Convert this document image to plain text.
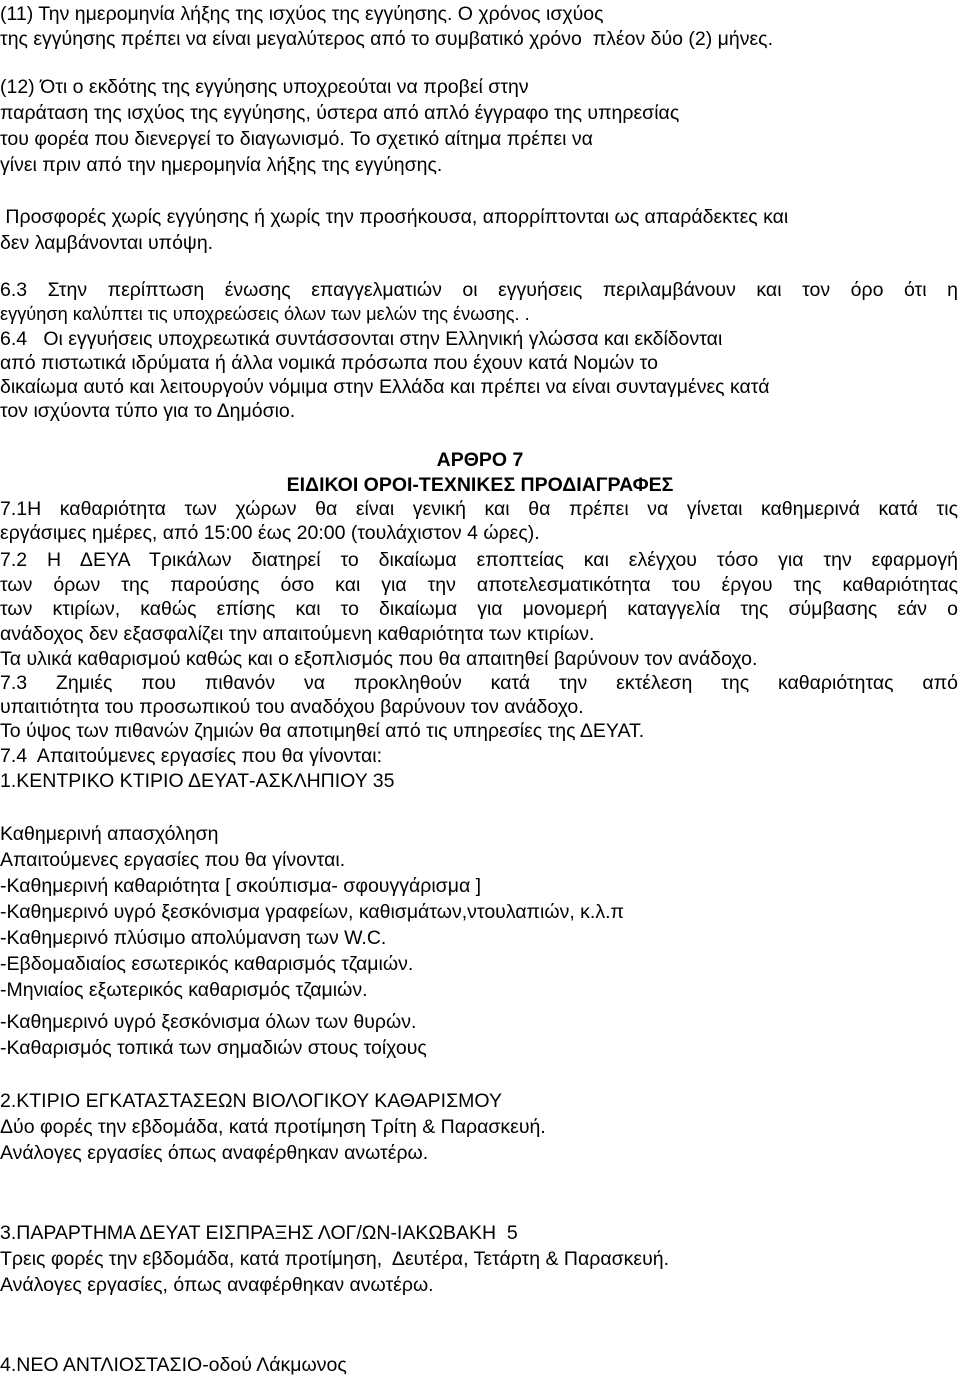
(11) Την ημερομηνία λήξης της ισχύος της εγγύησης. Ο χρόνος ισχύος
της εγγύησης πρέπει να είναι μεγαλύτερος από το συμβατικό χρόνο  πλέον δύο (2) μήνες.
(12) Ότι ο εκδότης της εγγύησης υποχρεούται να προβεί στην
παράταση της ισχύος της εγγύησης, ύστερα από απλό έγγραφο της υπηρεσίας
του φορέα που διενεργεί το διαγωνισμό. Το σχετικό αίτημα πρέπει να
γίνει πριν από την ημερομηνία λήξης της εγγύησης.
Προσφορές χωρίς εγγύησης ή χωρίς την προσήκουσα, απορρίπτονται ως απαράδεκτες και
δεν λαμβάνονται υπόψη.
6.3 Στην περίπτωση ένωσης επαγγελματιών οι εγγυήσεις περιλαμβάνουν και τον όρο ότι η
εγγύηση καλύπτει τις υποχρεώσεις όλων των μελών της ένωσης. .
6.4   Οι εγγυήσεις υποχρεωτικά συντάσσονται στην Ελληνική γλώσσα και εκδίδονται
από πιστωτικά ιδρύματα ή άλλα νομικά πρόσωπα που έχουν κατά Νομών το
δικαίωμα αυτό και λειτουργούν νόμιμα στην Ελλάδα και πρέπει να είναι συνταγμένες κατά
τον ισχύοντα τύπο για το Δημόσιο.
ΑΡΘΡΟ 7
ΕΙΔΙΚΟΙ ΟΡΟΙ-ΤΕΧΝΙΚΕΣ ΠΡΟΔΙΑΓΡΑΦΕΣ
7.1Η καθαριότητα των χώρων θα είναι γενική και θα πρέπει να γίνεται καθημερινά κατά τις
εργάσιμες ημέρες, από 15:00 έως 20:00 (τουλάχιστον 4 ώρες).
7.2 Η ΔΕΥΑ Τρικάλων διατηρεί το δικαίωμα εποπτείας και ελέγχου τόσο για την εφαρμογή
των όρων της παρούσης όσο και για την αποτελεσματικότητα του έργου της καθαριότητας
των κτιρίων, καθώς επίσης και το δικαίωμα για μονομερή καταγγελία της σύμβασης εάν ο
ανάδοχος δεν εξασφαλίζει την απαιτούμενη καθαριότητα των κτιρίων.
Τα υλικά καθαρισμού καθώς και ο εξοπλισμός που θα απαιτηθεί βαρύνουν τον ανάδοχο.
7.3 Ζημιές που πιθανόν να προκληθούν κατά την εκτέλεση της καθαριότητας από
υπαιτιότητα του προσωπικού του αναδόχου βαρύνουν τον ανάδοχο.
Το ύψος των πιθανών ζημιών θα αποτιμηθεί από τις υπηρεσίες της ΔΕΥΑΤ.
7.4  Απαιτούμενες εργασίες που θα γίνονται:
1.ΚΕΝΤΡΙΚΟ ΚΤΙΡΙΟ ΔΕΥΑΤ-ΑΣΚΛΗΠΙΟΥ 35
Καθημερινή απασχόληση
Απαιτούμενες εργασίες που θα γίνονται.
-Καθημερινή καθαριότητα [ σκούπισμα- σφουγγάρισμα ]
-Καθημερινό υγρό ξεσκόνισμα γραφείων, καθισμάτων,ντουλαπιών, κ.λ.π
-Καθημερινό πλύσιμο απολύμανση των W.C.
-Εβδομαδιαίος εσωτερικός καθαρισμός τζαμιών.
-Μηνιαίος εξωτερικός καθαρισμός τζαμιών.
-Καθημερινό υγρό ξεσκόνισμα όλων των θυρών.
-Καθαρισμός τοπικά των σημαδιών στους τοίχους
2.ΚΤΙΡΙΟ ΕΓΚΑΤΑΣΤΑΣΕΩΝ ΒΙΟΛΟΓΙΚΟΥ ΚΑΘΑΡΙΣΜΟΥ
Δύο φορές την εβδομάδα, κατά προτίμηση Τρίτη & Παρασκευή.
Ανάλογες εργασίες όπως αναφέρθηκαν ανωτέρω.
3.ΠΑΡΑΡΤΗΜΑ ΔΕΥΑΤ ΕΙΣΠΡΑΞΗΣ ΛΟΓ/ΩΝ-ΙΑΚΩΒΑΚΗ  5
Τρεις φορές την εβδομάδα, κατά προτίμηση,  Δευτέρα, Τετάρτη & Παρασκευή.
Ανάλογες εργασίες, όπως αναφέρθηκαν ανωτέρω.
4.ΝΕΟ ΑΝΤΛΙΟΣΤΑΣΙΟ-οδού Λάκμωνος
